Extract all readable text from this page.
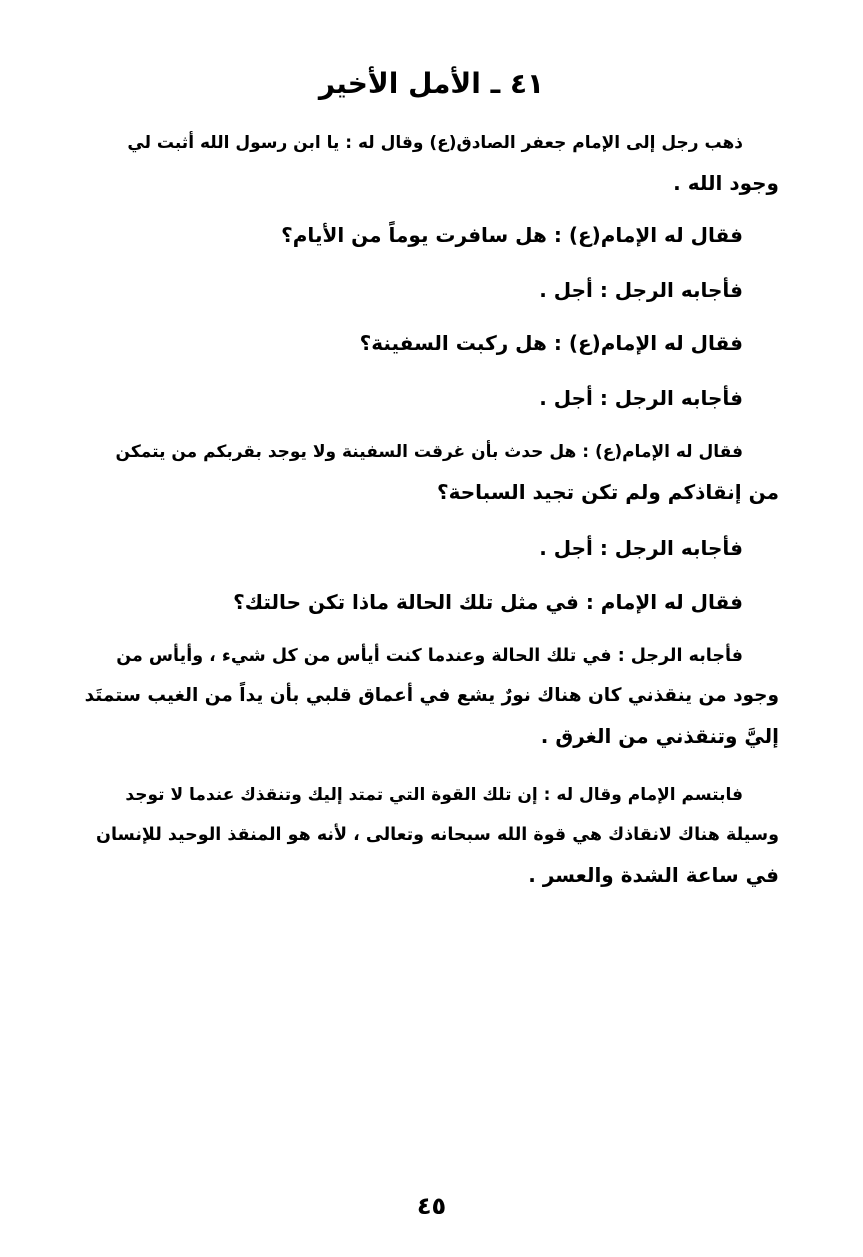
٤١ ـ الأمل الأخير
ذهب رجل إلى الإمام جعفر الصادق(ع) وقال له : يا ابن رسول الله أثبت لي
وجود الله .
فقال له الإمام(ع) : هل سافرت يوماً من الأيام؟
فأجابه الرجل : أجل .
فقال له الإمام(ع) : هل ركبت السفينة؟
فأجابه الرجل : أجل .
فقال له الإمام(ع) : هل حدث بأن غرقت السفينة ولا يوجد بقربكم من يتمكن
من إنقاذكم ولم تكن تجيد السباحة؟
فأجابه الرجل : أجل .
فقال له الإمام : في مثل تلك الحالة ماذا تكن حالتك؟
فأجابه الرجل : في تلك الحالة وعندما كنت أيأس من كل شيء ، وأيأس من
وجود من ينقذني كان هناك نورٌ يشع في أعماق قلبي بأن يداً من الغيب ستمتَد
إليَّ وتنقذني من الغرق .
فابتسم الإمام وقال له : إن تلك القوة التي تمتد إليك وتنقذك عندما لا توجد
وسيلة هناك لانقاذك هي قوة الله سبحانه وتعالى ، لأنه هو المنقذ الوحيد للإنسان
في ساعة الشدة والعسر .
٤٥
